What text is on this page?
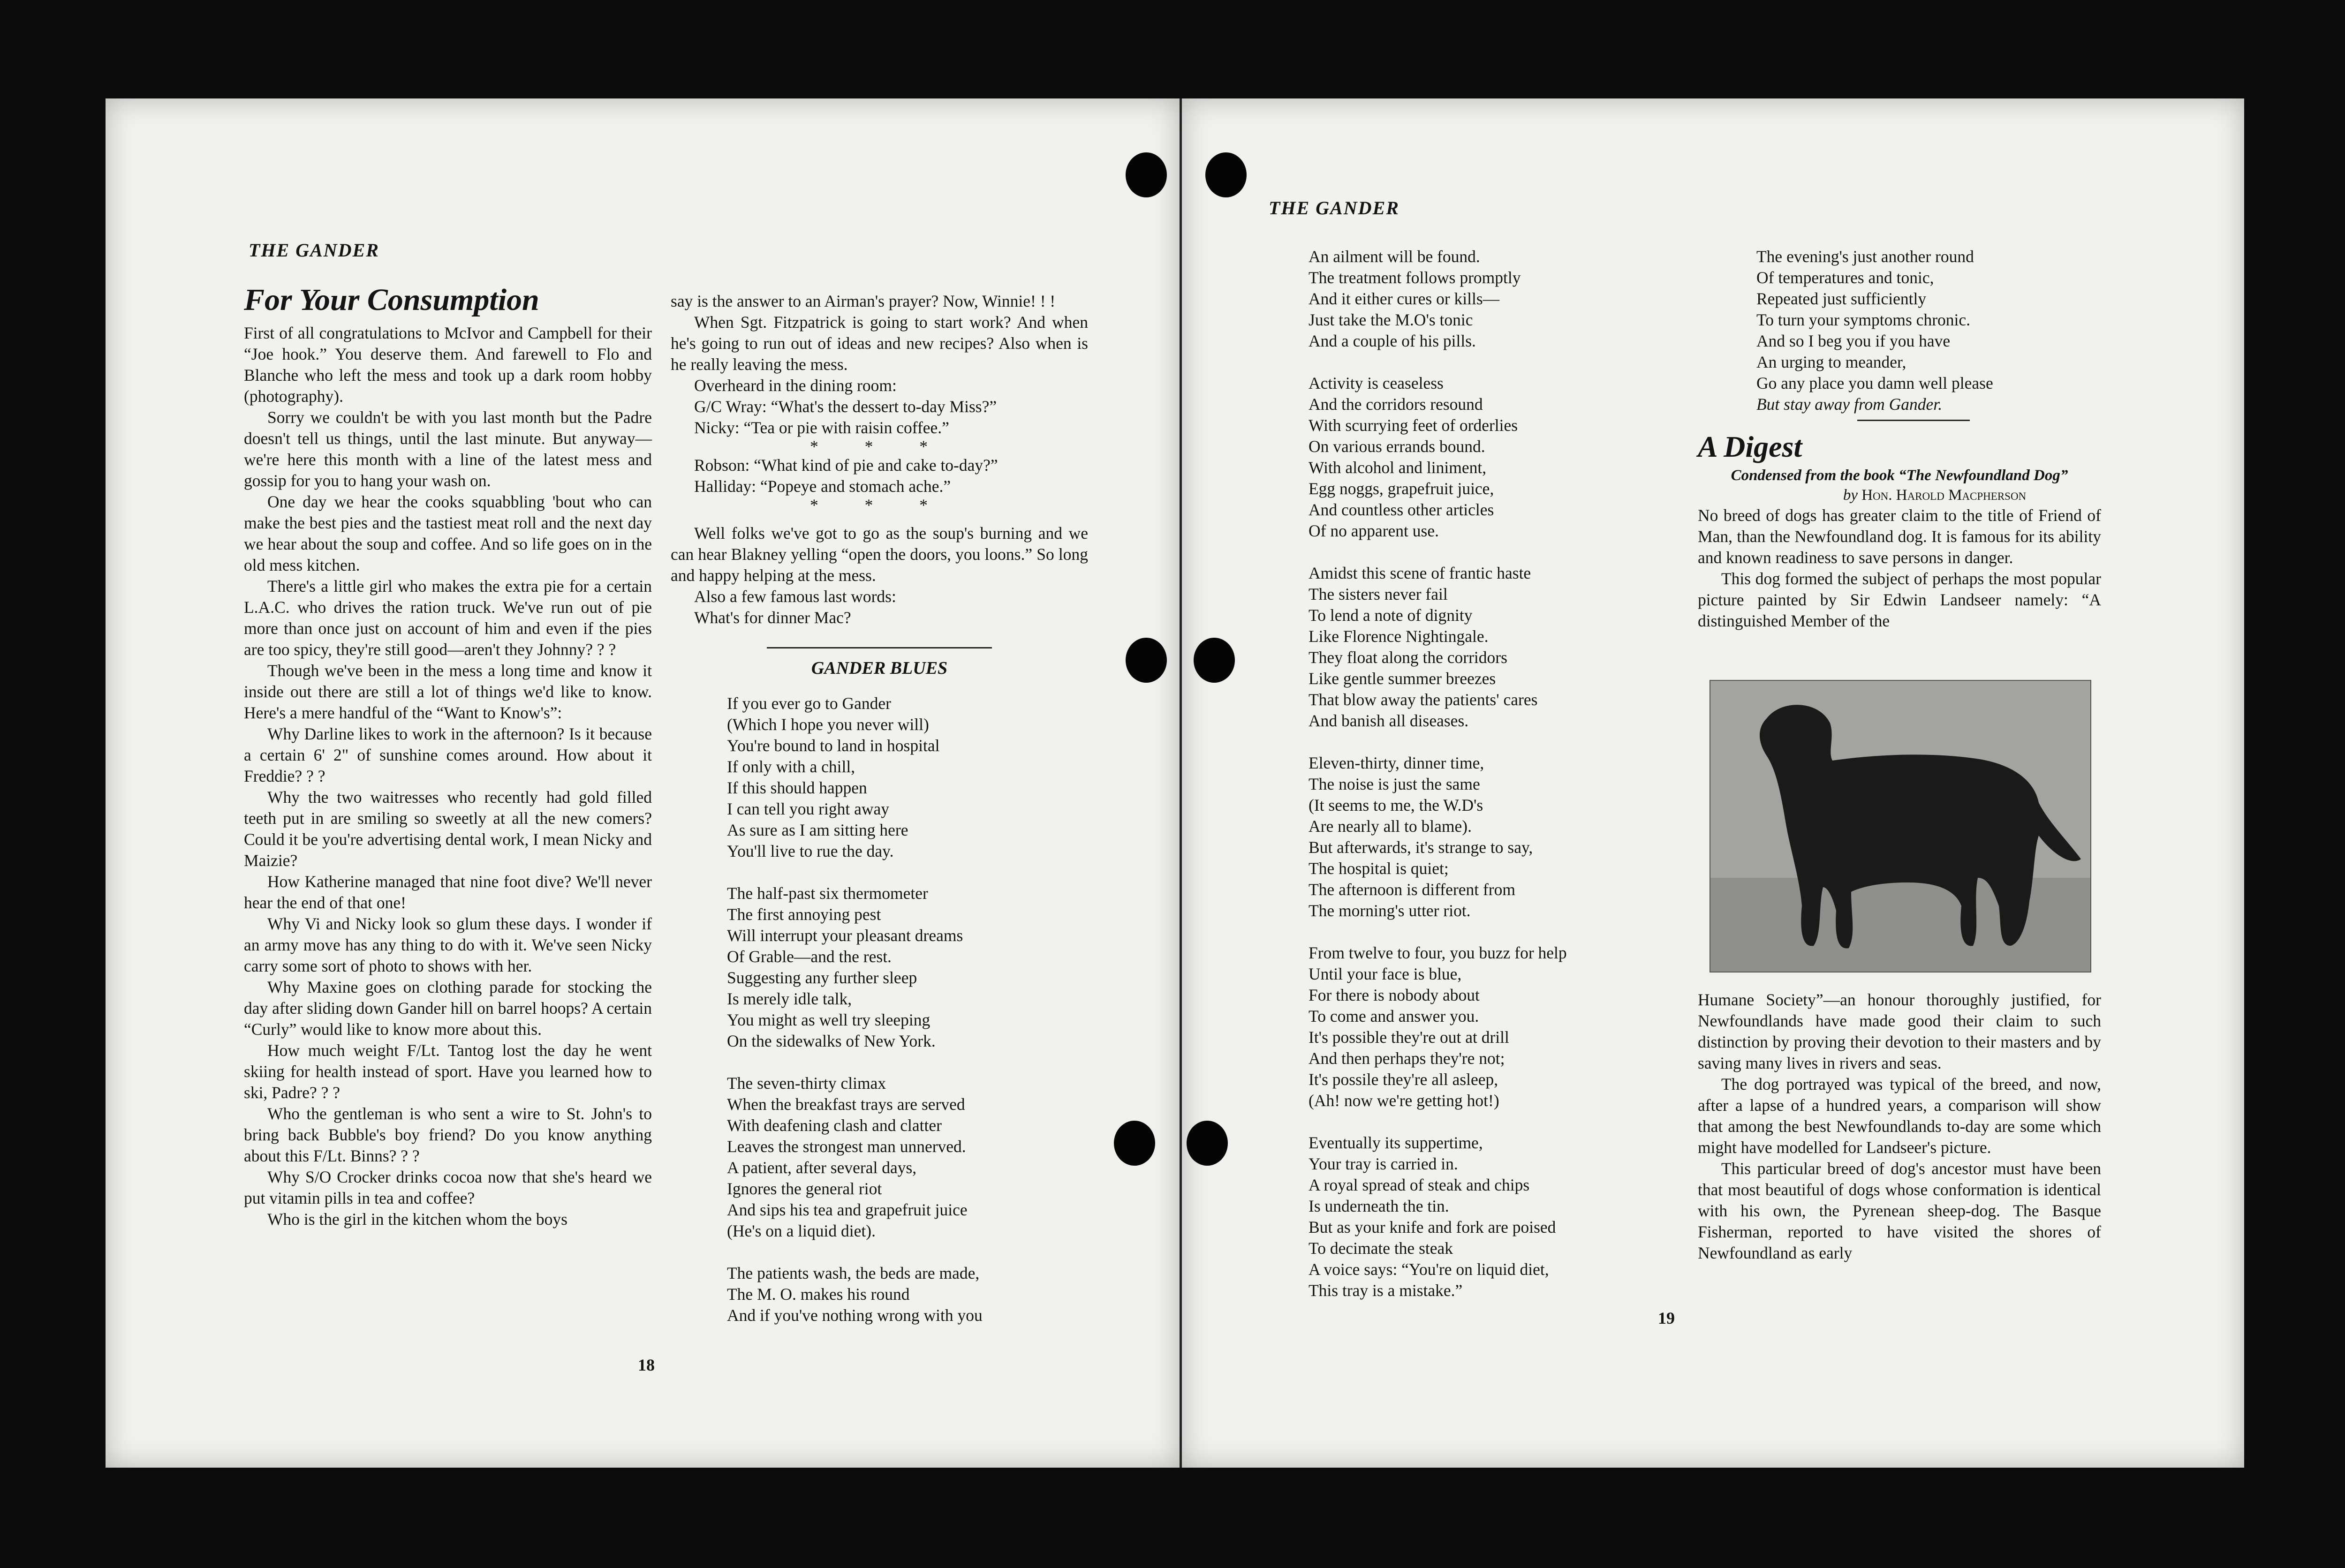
THE GANDER
For Your Consumption

First of all congratulations to McIvor and Campbell for their “Joe hook.” You deserve them. And farewell to Flo and Blanche who left the mess and took up a dark room hobby (photography).

Sorry we couldn't be with you last month but the Padre doesn't tell us things, until the last minute. But anyway—we're here this month with a line of the latest mess and gossip for you to hang your wash on.

One day we hear the cooks squabbling 'bout who can make the best pies and the tastiest meat roll and the next day we hear about the soup and coffee. And so life goes on in the old mess kitchen.

There's a little girl who makes the extra pie for a certain L.A.C. who drives the ration truck. We've run out of pie more than once just on account of him and even if the pies are too spicy, they're still good—aren't they Johnny? ? ?

Though we've been in the mess a long time and know it inside out there are still a lot of things we'd like to know. Here's a mere handful of the “Want to Know's”:

Why Darline likes to work in the afternoon? Is it because a certain 6' 2" of sunshine comes around. How about it Freddie? ? ?

Why the two waitresses who recently had gold filled teeth put in are smiling so sweetly at all the new comers? Could it be you're advertising dental work, I mean Nicky and Maizie?

How Katherine managed that nine foot dive? We'll never hear the end of that one!

Why Vi and Nicky look so glum these days. I wonder if an army move has any thing to do with it. We've seen Nicky carry some sort of photo to shows with her.

Why Maxine goes on clothing parade for stocking the day after sliding down Gander hill on barrel hoops? A certain “Curly” would like to know more about this.

How much weight F/Lt. Tantog lost the day he went skiing for health instead of sport. Have you learned how to ski, Padre? ? ?

Who the gentleman is who sent a wire to St. John's to bring back Bubble's boy friend? Do you know anything about this F/Lt. Binns? ? ?

Why S/O Crocker drinks cocoa now that she's heard we put vitamin pills in tea and coffee?

Who is the girl in the kitchen whom the boys

say is the answer to an Airman's prayer? Now, Winnie! ! !

When Sgt. Fitzpatrick is going to start work? And when he's going to run out of ideas and new recipes? Also when is he really leaving the mess.

Overheard in the dining room:

G/C Wray: “What's the dessert to-day Miss?”

Nicky: “Tea or pie with raisin coffee.”

* * *

Robson: “What kind of pie and cake to-day?”

Halliday: “Popeye and stomach ache.”

* * *

Well folks we've got to go as the soup's burning and we can hear Blakney yelling “open the doors, you loons.” So long and happy helping at the mess.

Also a few famous last words:

What's for dinner Mac?

GANDER BLUES
If you ever go to Gander
(Which I hope you never will)
You're bound to land in hospital
If only with a chill,
If this should happen
I can tell you right away
As sure as I am sitting here
You'll live to rue the day.
The half-past six thermometer
The first annoying pest
Will interrupt your pleasant dreams
Of Grable—and the rest.
Suggesting any further sleep
Is merely idle talk,
You might as well try sleeping
On the sidewalks of New York.
The seven-thirty climax
When the breakfast trays are served
With deafening clash and clatter
Leaves the strongest man unnerved.
A patient, after several days,
Ignores the general riot
And sips his tea and grapefruit juice
(He's on a liquid diet).
The patients wash, the beds are made,
The M. O. makes his round
And if you've nothing wrong with you
18
THE GANDER
An ailment will be found.
The treatment follows promptly
And it either cures or kills—
Just take the M.O's tonic
And a couple of his pills.
Activity is ceaseless
And the corridors resound
With scurrying feet of orderlies
On various errands bound.
With alcohol and liniment,
Egg noggs, grapefruit juice,
And countless other articles
Of no apparent use.
Amidst this scene of frantic haste
The sisters never fail
To lend a note of dignity
Like Florence Nightingale.
They float along the corridors
Like gentle summer breezes
That blow away the patients' cares
And banish all diseases.
Eleven-thirty, dinner time,
The noise is just the same
(It seems to me, the W.D's
Are nearly all to blame).
But afterwards, it's strange to say,
The hospital is quiet;
The afternoon is different from
The morning's utter riot.
From twelve to four, you buzz for help
Until your face is blue,
For there is nobody about
To come and answer you.
It's possible they're out at drill
And then perhaps they're not;
It's possile they're all asleep,
(Ah! now we're getting hot!)
Eventually its suppertime,
Your tray is carried in.
A royal spread of steak and chips
Is underneath the tin.
But as your knife and fork are poised
To decimate the steak
A voice says: “You're on liquid diet,
This tray is a mistake.”
The evening's just another round
Of temperatures and tonic,
Repeated just sufficiently
To turn your symptoms chronic.
And so I beg you if you have
An urging to meander,
Go any place you damn well please
But stay away from Gander.
A Digest
Condensed from the book “The Newfoundland Dog”
by Hon. Harold Macpherson

No breed of dogs has greater claim to the title of Friend of Man, than the Newfoundland dog. It is famous for its ability and known readiness to save persons in danger.

This dog formed the subject of perhaps the most popular picture painted by Sir Edwin Landseer namely: “A distinguished Member of the

Humane Society”—an honour thoroughly justified, for Newfoundlands have made good their claim to such distinction by proving their devotion to their masters and by saving many lives in rivers and seas.

The dog portrayed was typical of the breed, and now, after a lapse of a hundred years, a comparison will show that among the best Newfoundlands to-day are some which might have modelled for Landseer's picture.

This particular breed of dog's ancestor must have been that most beautiful of dogs whose conformation is identical with his own, the Pyrenean sheep-dog. The Basque Fisherman, reported to have visited the shores of Newfoundland as early

19
